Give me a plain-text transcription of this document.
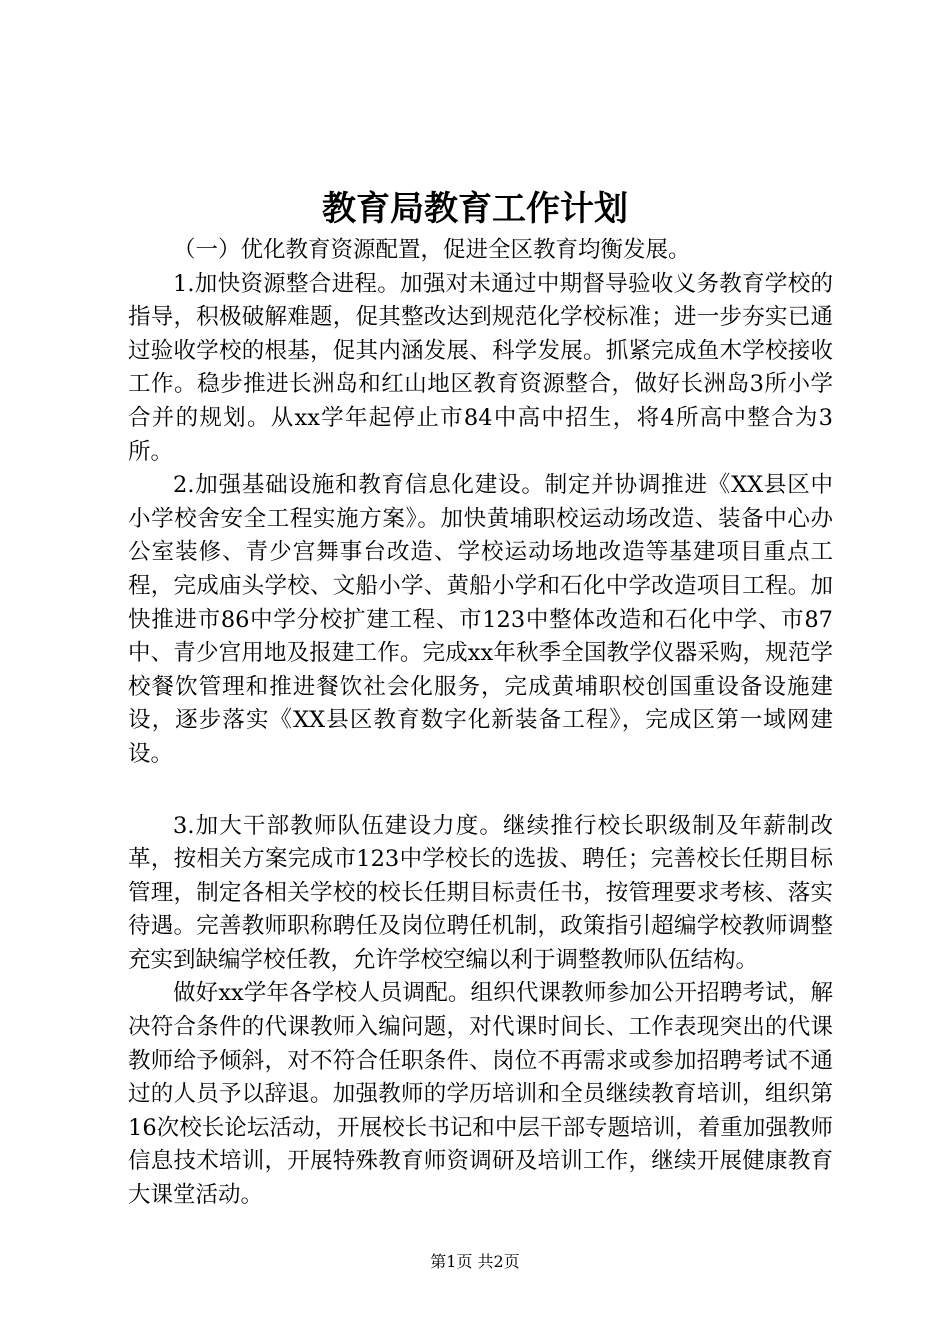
教育局教育工作计划

（一）优化教育资源配置，促进全区教育均衡发展。

1.加快资源整合进程。加强对未通过中期督导验收义务教育学校的指导，积极破解难题，促其整改达到规范化学校标准；进一步夯实已通过验收学校的根基，促其内涵发展、科学发展。抓紧完成鱼木学校接收工作。稳步推进长洲岛和红山地区教育资源整合，做好长洲岛3所小学合并的规划。从xx学年起停止市84中高中招生，将4所高中整合为3所。

2.加强基础设施和教育信息化建设。制定并协调推进《XX县区中小学校舍安全工程实施方案》。加快黄埔职校运动场改造、装备中心办公室装修、青少宫舞事台改造、学校运动场地改造等基建项目重点工程，完成庙头学校、文船小学、黄船小学和石化中学改造项目工程。加快推进市86中学分校扩建工程、市123中整体改造和石化中学、市87中、青少宫用地及报建工作。完成xx年秋季全国教学仪器采购，规范学校餐饮管理和推进餐饮社会化服务，完成黄埔职校创国重设备设施建设，逐步落实《XX县区教育数字化新装备工程》，完成区第一域网建设。

3.加大干部教师队伍建设力度。继续推行校长职级制及年薪制改革，按相关方案完成市123中学校长的选拔、聘任；完善校长任期目标管理，制定各相关学校的校长任期目标责任书，按管理要求考核、落实待遇。完善教师职称聘任及岗位聘任机制，政策指引超编学校教师调整充实到缺编学校任教，允许学校空编以利于调整教师队伍结构。

做好xx学年各学校人员调配。组织代课教师参加公开招聘考试，解决符合条件的代课教师入编问题，对代课时间长、工作表现突出的代课教师给予倾斜，对不符合任职条件、岗位不再需求或参加招聘考试不通过的人员予以辞退。加强教师的学历培训和全员继续教育培训，组织第16次校长论坛活动，开展校长书记和中层干部专题培训，着重加强教师信息技术培训，开展特殊教育师资调研及培训工作，继续开展健康教育大课堂活动。

第1页 共2页
